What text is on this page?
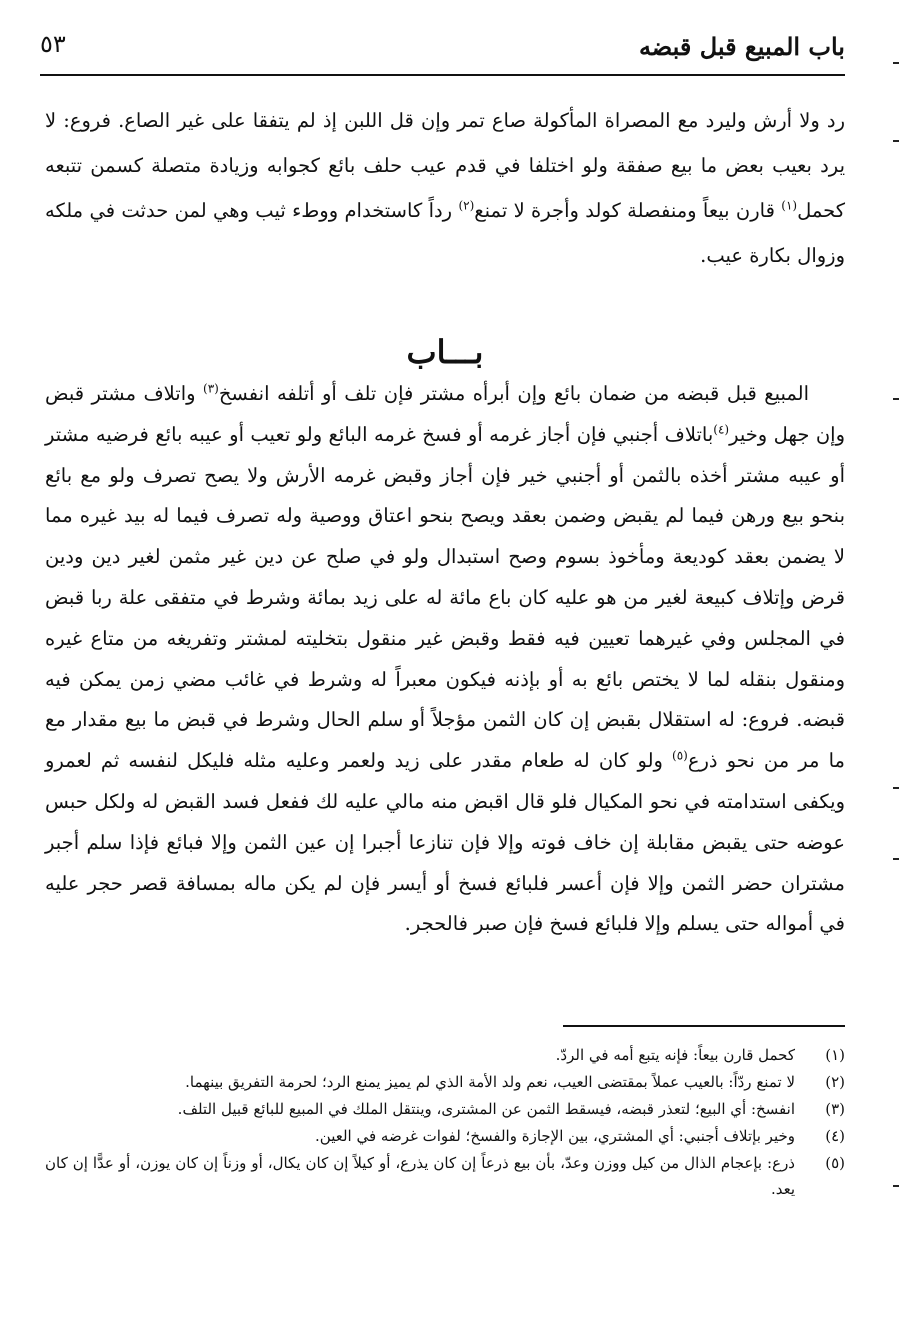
باب المبيع قبل قبضه
٥٣

رد ولا أرش وليرد مع المصراة المأكولة صاع تمر وإن قل اللبن إذ لم يتفقا على غير الصاع. فروع: لا يرد بعيب بعض ما بيع صفقة ولو اختلفا في قدم عيب حلف بائع كجوابه وزيادة متصلة كسمن تتبعه كحمل$^{(١)}$ قارن بيعاً ومنفصلة كولد وأجرة لا تمنع$^{(٢)}$ رداً كاستخدام ووطء ثيب وهي لمن حدثت في ملكه وزوال بكارة عيب.

بـــاب

المبيع قبل قبضه من ضمان بائع وإن أبرأه مشتر فإن تلف أو أتلفه انفسخ$^{(٣)}$ واتلاف مشتر قبض وإن جهل وخير$^{(٤)}$باتلاف أجنبي فإن أجاز غرمه أو فسخ غرمه البائع ولو تعيب أو عيبه بائع فرضيه مشتر أو عيبه مشتر أخذه بالثمن أو أجنبي خير فإن أجاز وقبض غرمه الأرش ولا يصح تصرف ولو مع بائع بنحو بيع ورهن فيما لم يقبض وضمن بعقد ويصح بنحو اعتاق ووصية وله تصرف فيما له بيد غيره مما لا يضمن بعقد كوديعة ومأخوذ بسوم وصح استبدال ولو في صلح عن دين غير مثمن لغير دين ودين قرض وإتلاف كبيعة لغير من هو عليه كان باع مائة له على زيد بمائة وشرط في متفقى علة ربا قبض في المجلس وفي غيرهما تعيين فيه فقط وقبض غير منقول بتخليته لمشتر وتفريغه من متاع غيره ومنقول بنقله لما لا يختص بائع به أو بإذنه فيكون معبراً له وشرط في غائب مضي زمن يمكن فيه قبضه. فروع: له استقلال بقبض إن كان الثمن مؤجلاً أو سلم الحال وشرط في قبض ما بيع مقدار مع ما مر من نحو ذرع$^{(٥)}$ ولو كان له طعام مقدر على زيد ولعمر وعليه مثله فليكل لنفسه ثم لعمرو ويكفى استدامته في نحو المكيال فلو قال اقبض منه مالي عليه لك ففعل فسد القبض له ولكل حبس عوضه حتى يقبض مقابلة إن خاف فوته وإلا فإن تنازعا أجبرا إن عين الثمن وإلا فبائع فإذا سلم أجبر مشتران حضر الثمن وإلا فإن أعسر فلبائع فسخ أو أيسر فإن لم يكن ماله بمسافة قصر حجر عليه في أمواله حتى يسلم وإلا فلبائع فسخ فإن صبر فالحجر.

(١)
كحمل قارن بيعاً: فإنه يتبع أمه في الردّ.
(٢)
لا تمنع ردّاً: بالعيب عملاً بمقتضى العيب، نعم ولد الأمة الذي لم يميز يمنع الرد؛ لحرمة التفريق بينهما.
(٣)
انفسخ: أي البيع؛ لتعذر قبضه، فيسقط الثمن عن المشترى، وينتقل الملك في المبيع للبائع قبيل التلف.
(٤)
وخير بإتلاف أجنبي: أي المشتري، بين الإجازة والفسخ؛ لفوات غرضه في العين.
(٥)
ذرع: بإعجام الذال من كيل ووزن وعدّ، بأن بيع ذرعاً إن كان يذرع، أو كيلاً إن كان يكال، أو وزناً إن كان يوزن، أو عدًّا إن كان يعد.
